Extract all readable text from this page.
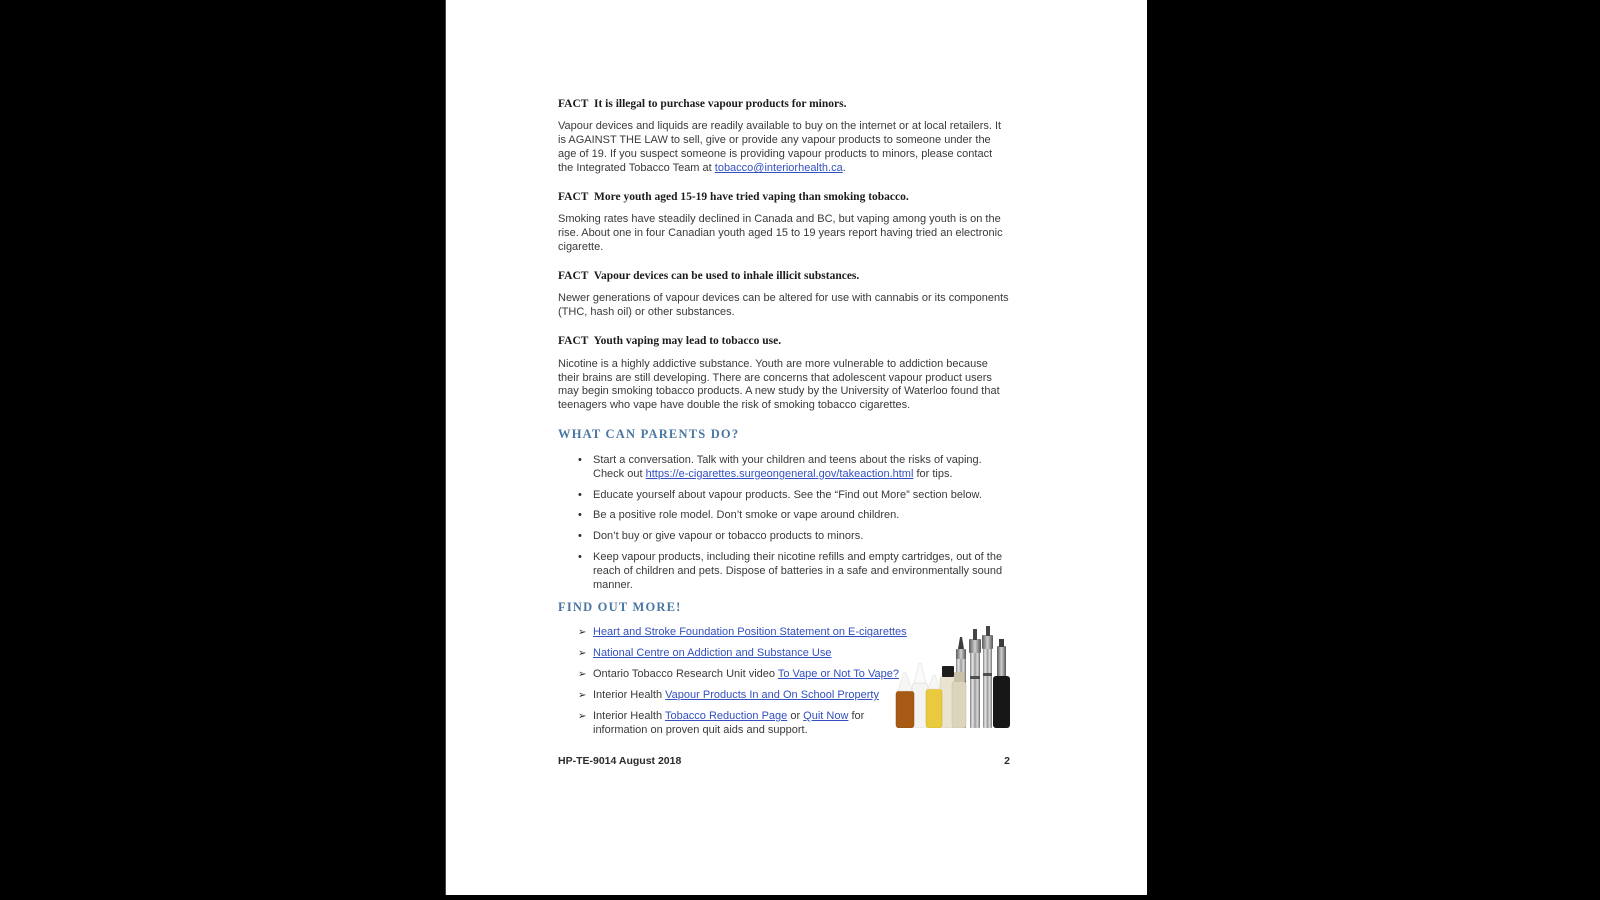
FACT  It is illegal to purchase vapour products for minors.
Vapour devices and liquids are readily available to buy on the internet or at local retailers. It is AGAINST THE LAW to sell, give or provide any vapour products to someone under the age of 19. If you suspect someone is providing vapour products to minors, please contact the Integrated Tobacco Team at tobacco@interiorhealth.ca.
FACT  More youth aged 15-19 have tried vaping than smoking tobacco.
Smoking rates have steadily declined in Canada and BC, but vaping among youth is on the rise. About one in four Canadian youth aged 15 to 19 years report having tried an electronic cigarette.
FACT  Vapour devices can be used to inhale illicit substances.
Newer generations of vapour devices can be altered for use with cannabis or its components (THC, hash oil) or other substances.
FACT  Youth vaping may lead to tobacco use.
Nicotine is a highly addictive substance. Youth are more vulnerable to addiction because their brains are still developing. There are concerns that adolescent vapour product users may begin smoking tobacco products. A new study by the University of Waterloo found that teenagers who vape have double the risk of smoking tobacco cigarettes.
WHAT CAN PARENTS DO?
•	Start a conversation. Talk with your children and teens about the risks of vaping. Check out https://e-cigarettes.surgeongeneral.gov/takeaction.html for tips.
•	Educate yourself about vapour products. See the “Find out More” section below.
•	Be a positive role model. Don’t smoke or vape around children.
•	Don’t buy or give vapour or tobacco products to minors.
•	Keep vapour products, including their nicotine refills and empty cartridges, out of the reach of children and pets. Dispose of batteries in a safe and environmentally sound manner.
FIND OUT MORE!
➢ Heart and Stroke Foundation Position Statement on E-cigarettes
➢ National Centre on Addiction and Substance Use
➢ Ontario Tobacco Research Unit video To Vape or Not To Vape?
➢ Interior Health Vapour Products In and On School Property
➢ Interior Health Tobacco Reduction Page or Quit Now for information on proven quit aids and support.
HP-TE-9014 August 2018	2
